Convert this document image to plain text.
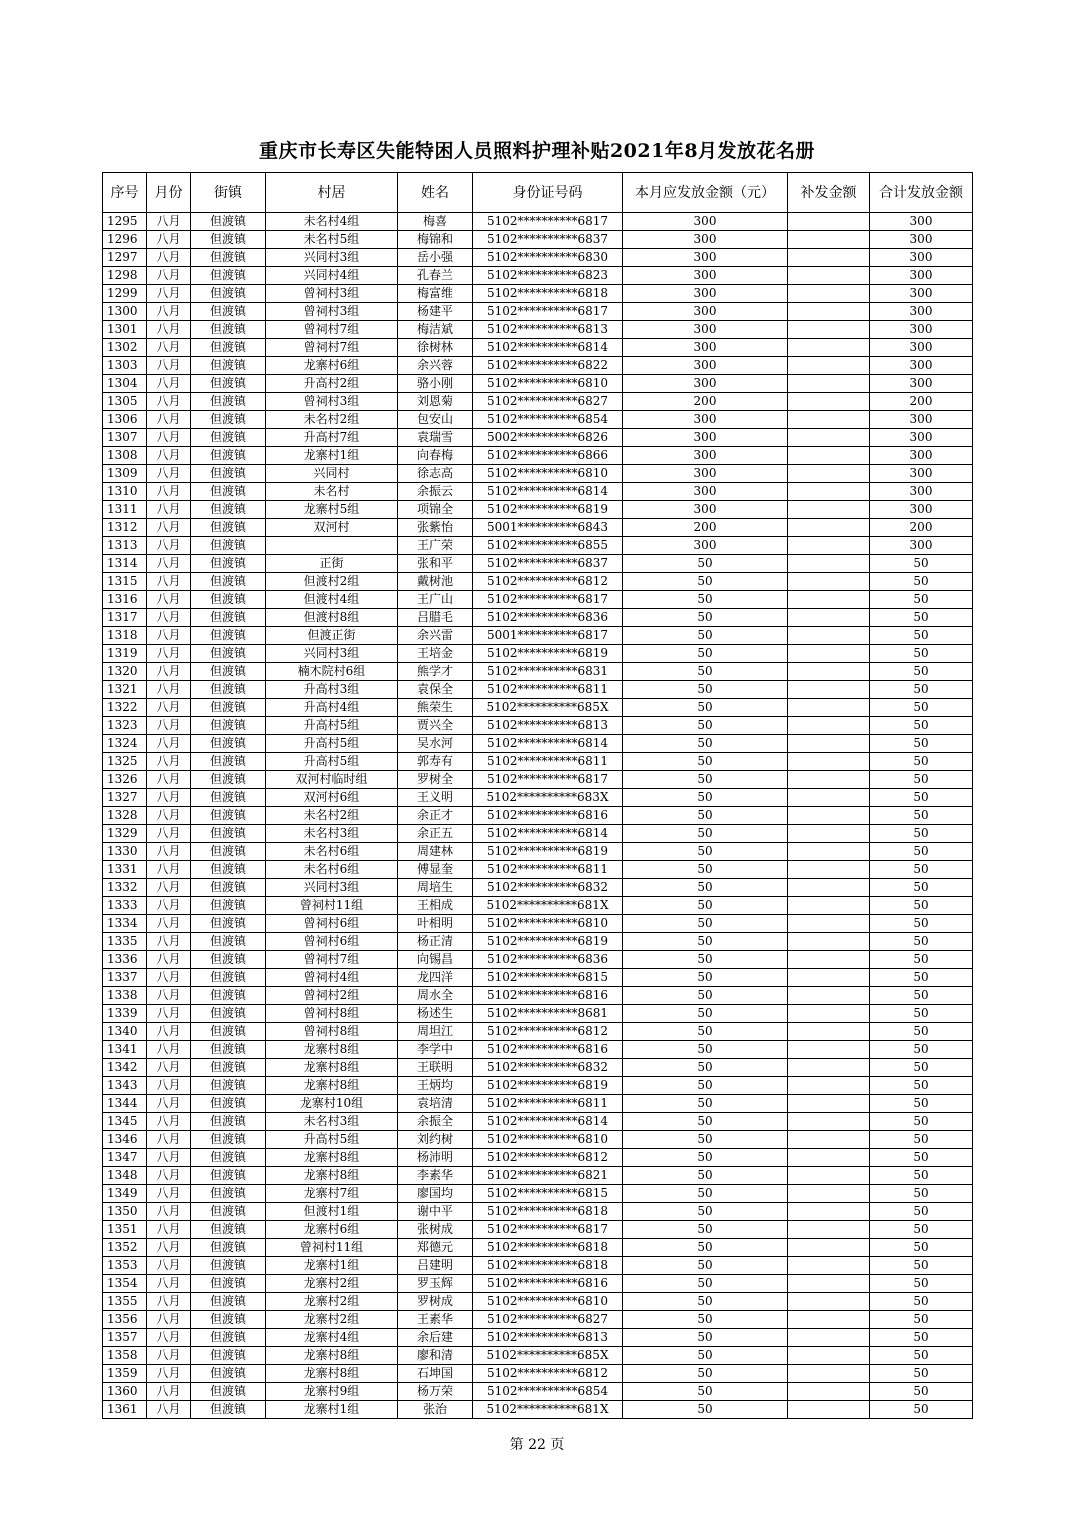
重庆市长寿区失能特困人员照料护理补贴2021年8月发放花名册
序号	月份	街镇	村居	姓名	身份证号码	本月应发放金额（元）	补发金额	合计发放金额
1295	八月	但渡镇	未名村4组	梅喜	5102**********6817	300		300
1296	八月	但渡镇	未名村5组	梅锦和	5102**********6837	300		300
1297	八月	但渡镇	兴同村3组	岳小强	5102**********6830	300		300
1298	八月	但渡镇	兴同村4组	孔春兰	5102**********6823	300		300
1299	八月	但渡镇	曾祠村3组	梅富维	5102**********6818	300		300
1300	八月	但渡镇	曾祠村3组	杨建平	5102**********6817	300		300
1301	八月	但渡镇	曾祠村7组	梅洁斌	5102**********6813	300		300
1302	八月	但渡镇	曾祠村7组	徐树林	5102**********6814	300		300
1303	八月	但渡镇	龙寨村6组	余兴蓉	5102**********6822	300		300
1304	八月	但渡镇	升高村2组	骆小刚	5102**********6810	300		300
1305	八月	但渡镇	曾祠村3组	刘恩菊	5102**********6827	200		200
1306	八月	但渡镇	未名村2组	包安山	5102**********6854	300		300
1307	八月	但渡镇	升高村7组	袁瑞雪	5002**********6826	300		300
1308	八月	但渡镇	龙寨村1组	向春梅	5102**********6866	300		300
1309	八月	但渡镇	兴同村	徐志高	5102**********6810	300		300
1310	八月	但渡镇	未名村	余振云	5102**********6814	300		300
1311	八月	但渡镇	龙寨村5组	项锦全	5102**********6819	300		300
1312	八月	但渡镇	双河村	张紫怡	5001**********6843	200		200
1313	八月	但渡镇		王广荣	5102**********6855	300		300
1314	八月	但渡镇	正街	张和平	5102**********6837	50		50
1315	八月	但渡镇	但渡村2组	戴树池	5102**********6812	50		50
1316	八月	但渡镇	但渡村4组	王广山	5102**********6817	50		50
1317	八月	但渡镇	但渡村8组	吕腊毛	5102**********6836	50		50
1318	八月	但渡镇	但渡正街	余兴雷	5001**********6817	50		50
1319	八月	但渡镇	兴同村3组	王培金	5102**********6819	50		50
1320	八月	但渡镇	楠木院村6组	熊学才	5102**********6831	50		50
1321	八月	但渡镇	升高村3组	袁保全	5102**********6811	50		50
1322	八月	但渡镇	升高村4组	熊荣生	5102**********685X	50		50
1323	八月	但渡镇	升高村5组	贾兴全	5102**********6813	50		50
1324	八月	但渡镇	升高村5组	吴水河	5102**********6814	50		50
1325	八月	但渡镇	升高村5组	郭寿有	5102**********6811	50		50
1326	八月	但渡镇	双河村临时组	罗树全	5102**********6817	50		50
1327	八月	但渡镇	双河村6组	王义明	5102**********683X	50		50
1328	八月	但渡镇	未名村2组	余正才	5102**********6816	50		50
1329	八月	但渡镇	未名村3组	余正五	5102**********6814	50		50
1330	八月	但渡镇	未名村6组	周建林	5102**********6819	50		50
1331	八月	但渡镇	未名村6组	傅显奎	5102**********6811	50		50
1332	八月	但渡镇	兴同村3组	周培生	5102**********6832	50		50
1333	八月	但渡镇	曾祠村11组	王相成	5102**********681X	50		50
1334	八月	但渡镇	曾祠村6组	叶相明	5102**********6810	50		50
1335	八月	但渡镇	曾祠村6组	杨正清	5102**********6819	50		50
1336	八月	但渡镇	曾祠村7组	向锡昌	5102**********6836	50		50
1337	八月	但渡镇	曾祠村4组	龙四洋	5102**********6815	50		50
1338	八月	但渡镇	曾祠村2组	周水全	5102**********6816	50		50
1339	八月	但渡镇	曾祠村8组	杨述生	5102**********8681	50		50
1340	八月	但渡镇	曾祠村8组	周坦江	5102**********6812	50		50
1341	八月	但渡镇	龙寨村8组	李学中	5102**********6816	50		50
1342	八月	但渡镇	龙寨村8组	王联明	5102**********6832	50		50
1343	八月	但渡镇	龙寨村8组	王炳均	5102**********6819	50		50
1344	八月	但渡镇	龙寨村10组	袁培清	5102**********6811	50		50
1345	八月	但渡镇	未名村3组	余振全	5102**********6814	50		50
1346	八月	但渡镇	升高村5组	刘约树	5102**********6810	50		50
1347	八月	但渡镇	龙寨村8组	杨沛明	5102**********6812	50		50
1348	八月	但渡镇	龙寨村8组	李素华	5102**********6821	50		50
1349	八月	但渡镇	龙寨村7组	廖国均	5102**********6815	50		50
1350	八月	但渡镇	但渡村1组	谢中平	5102**********6818	50		50
1351	八月	但渡镇	龙寨村6组	张树成	5102**********6817	50		50
1352	八月	但渡镇	曾祠村11组	郑德元	5102**********6818	50		50
1353	八月	但渡镇	龙寨村1组	吕建明	5102**********6818	50		50
1354	八月	但渡镇	龙寨村2组	罗玉辉	5102**********6816	50		50
1355	八月	但渡镇	龙寨村2组	罗树成	5102**********6810	50		50
1356	八月	但渡镇	龙寨村2组	王素华	5102**********6827	50		50
1357	八月	但渡镇	龙寨村4组	余后建	5102**********6813	50		50
1358	八月	但渡镇	龙寨村8组	廖和清	5102**********685X	50		50
1359	八月	但渡镇	龙寨村8组	石坤国	5102**********6812	50		50
1360	八月	但渡镇	龙寨村9组	杨万荣	5102**********6854	50		50
1361	八月	但渡镇	龙寨村1组	张治	5102**********681X	50		50
第 22 页
